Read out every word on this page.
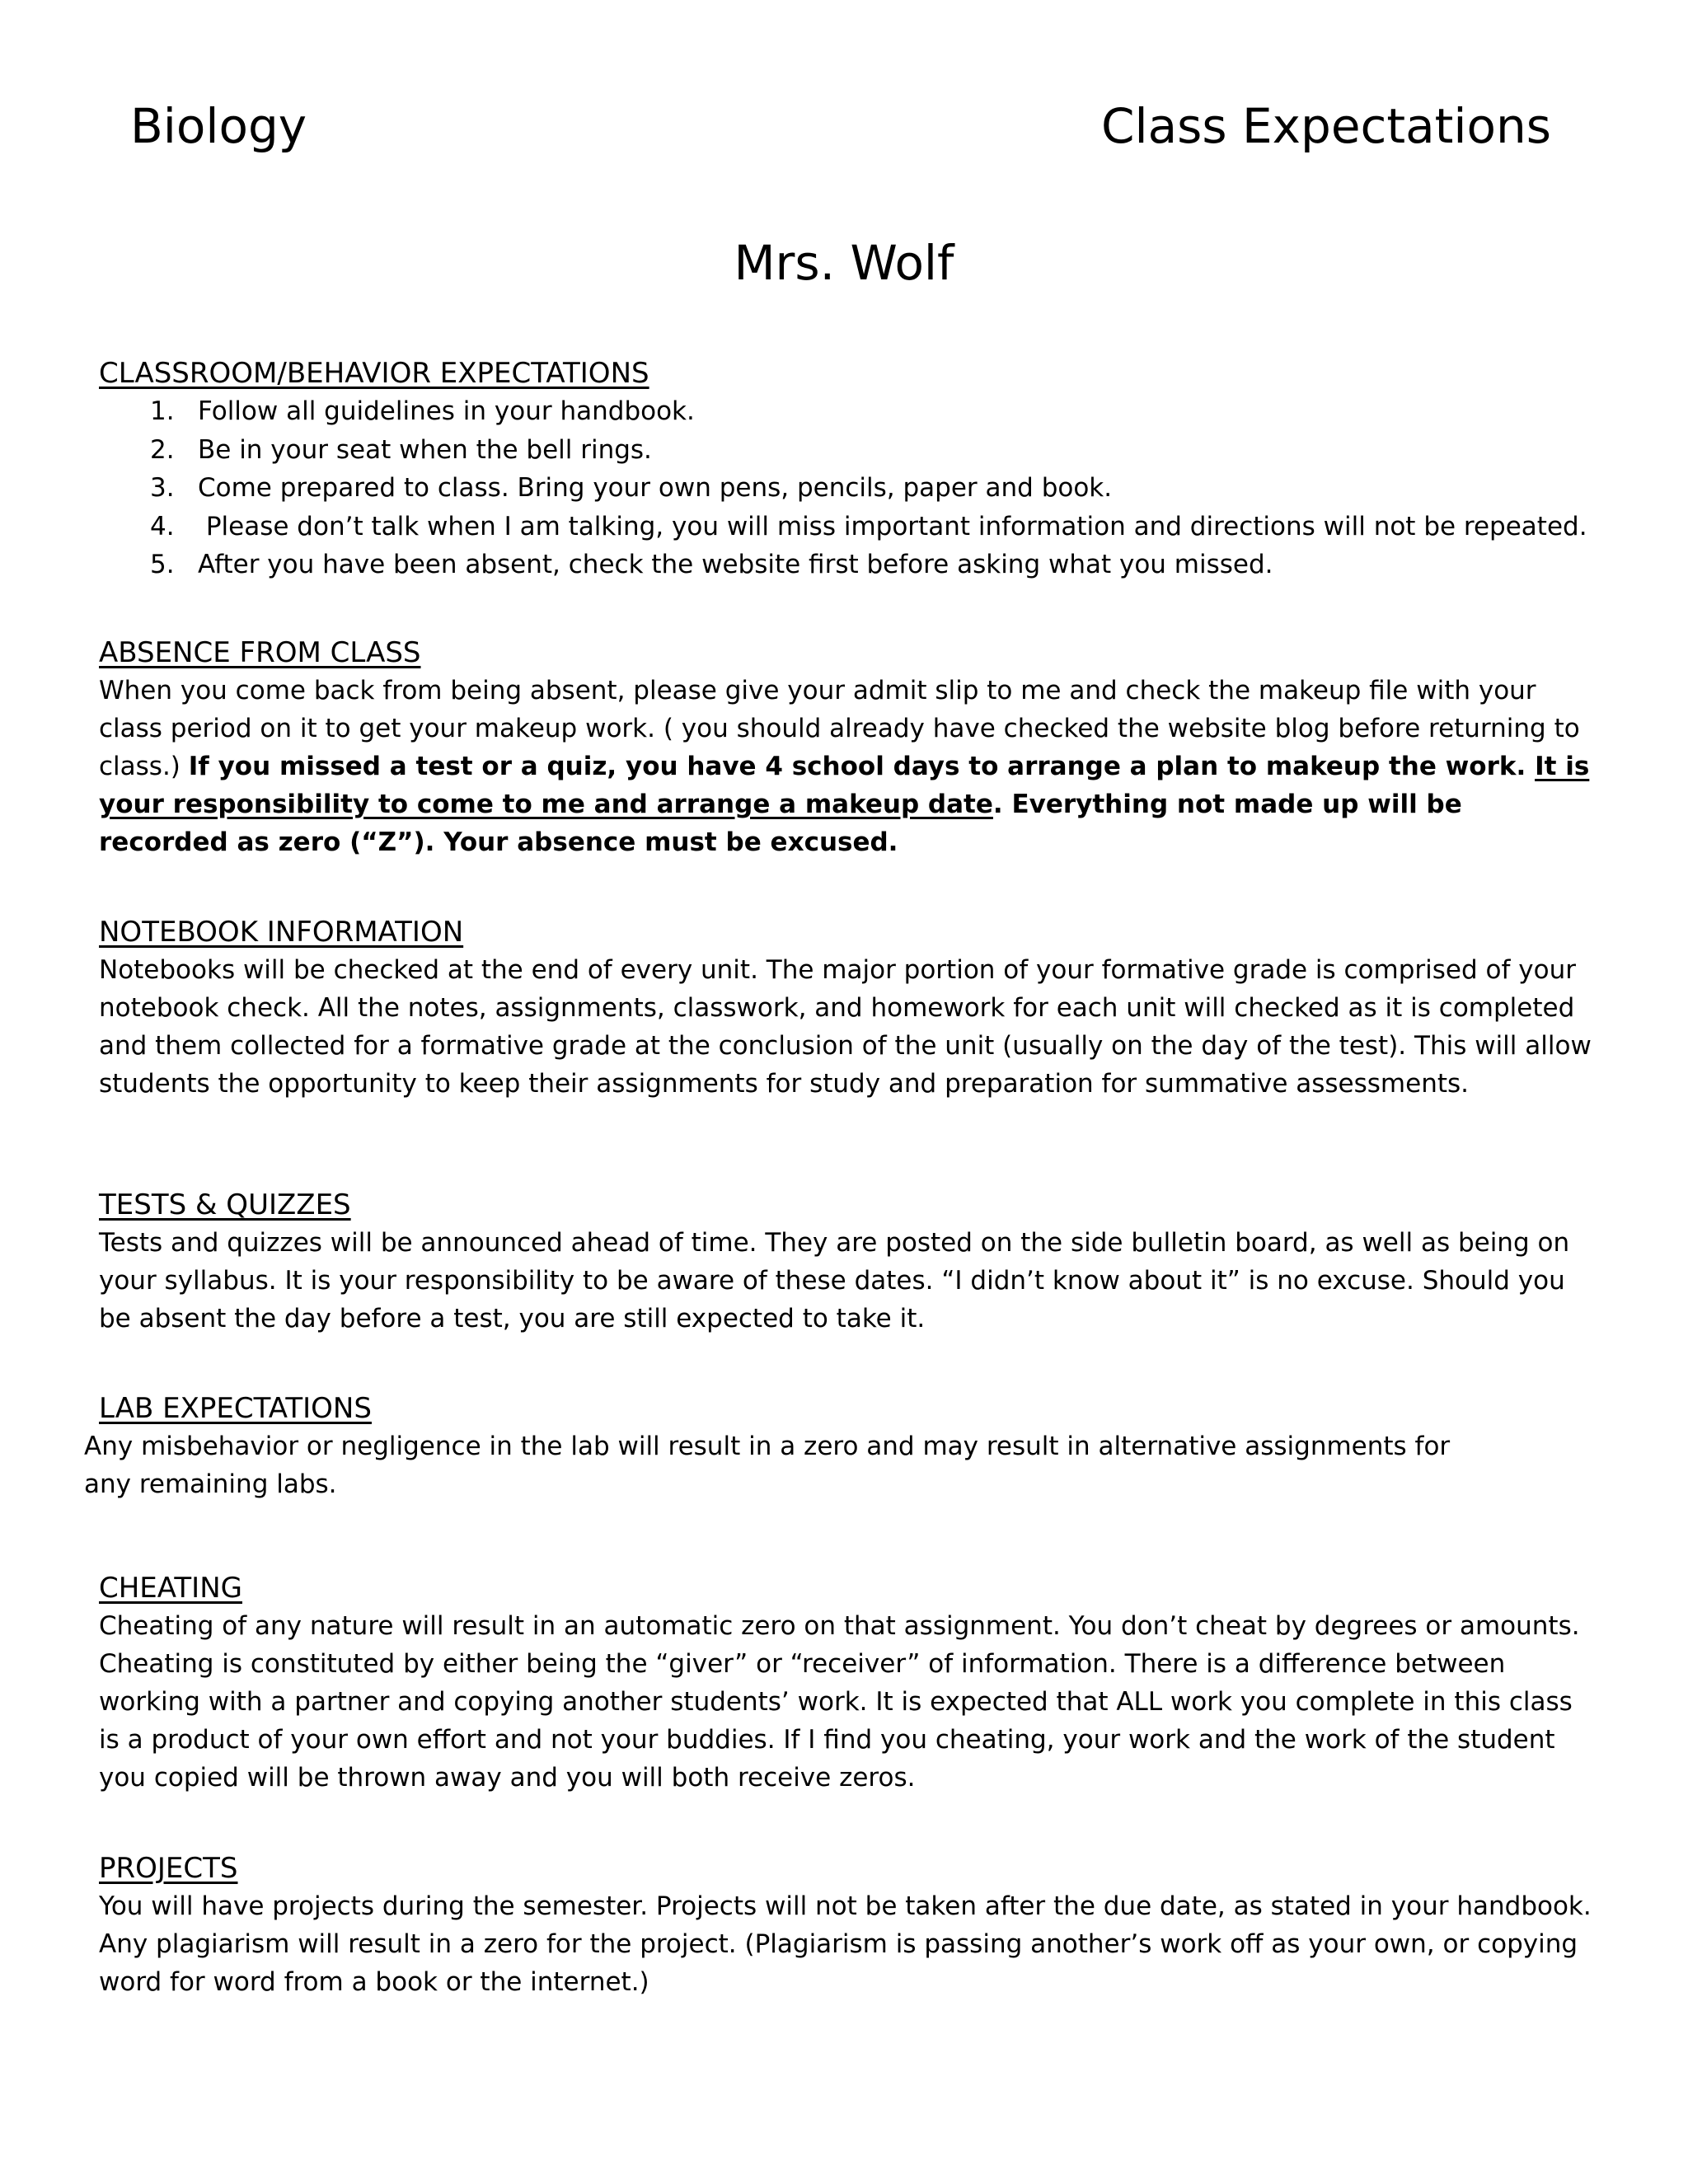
Biology	Class Expectations
Mrs. Wolf
CLASSROOM/BEHAVIOR EXPECTATIONS
1. Follow all guidelines in your handbook.
2. Be in your seat when the bell rings.
3. Come prepared to class. Bring your own pens, pencils, paper and book.
4. Please don’t talk when I am talking, you will miss important information and directions will not be repeated.
5. After you have been absent, check the website first before asking what you missed.
ABSENCE FROM CLASS

When you come back from being absent, please give your admit slip to me and check the makeup file with your class period on it to get your makeup work. ( you should already have checked the website blog before returning to class.) If you missed a test or a quiz, you have 4 school days to arrange a plan to makeup the work. It is your responsibility to come to me and arrange a makeup date. Everything not made up will be recorded as zero (“Z”). Your absence must be excused.

NOTEBOOK INFORMATION

Notebooks will be checked at the end of every unit. The major portion of your formative grade is comprised of your notebook check. All the notes, assignments, classwork, and homework for each unit will checked as it is completed and them collected for a formative grade at the conclusion of the unit (usually on the day of the test). This will allow students the opportunity to keep their assignments for study and preparation for summative assessments.

TESTS & QUIZZES

Tests and quizzes will be announced ahead of time. They are posted on the side bulletin board, as well as being on your syllabus. It is your responsibility to be aware of these dates. “I didn’t know about it” is no excuse. Should you be absent the day before a test, you are still expected to take it.

LAB EXPECTATIONS

Any misbehavior or negligence in the lab will result in a zero and may result in alternative assignments for any remaining labs.

CHEATING

Cheating of any nature will result in an automatic zero on that assignment. You don’t cheat by degrees or amounts. Cheating is constituted by either being the “giver” or “receiver” of information. There is a difference between working with a partner and copying another students’ work. It is expected that ALL work you complete in this class is a product of your own effort and not your buddies. If I find you cheating, your work and the work of the student you copied will be thrown away and you will both receive zeros.

PROJECTS

You will have projects during the semester. Projects will not be taken after the due date, as stated in your handbook. Any plagiarism will result in a zero for the project. (Plagiarism is passing another’s work off as your own, or copying word for word from a book or the internet.)
